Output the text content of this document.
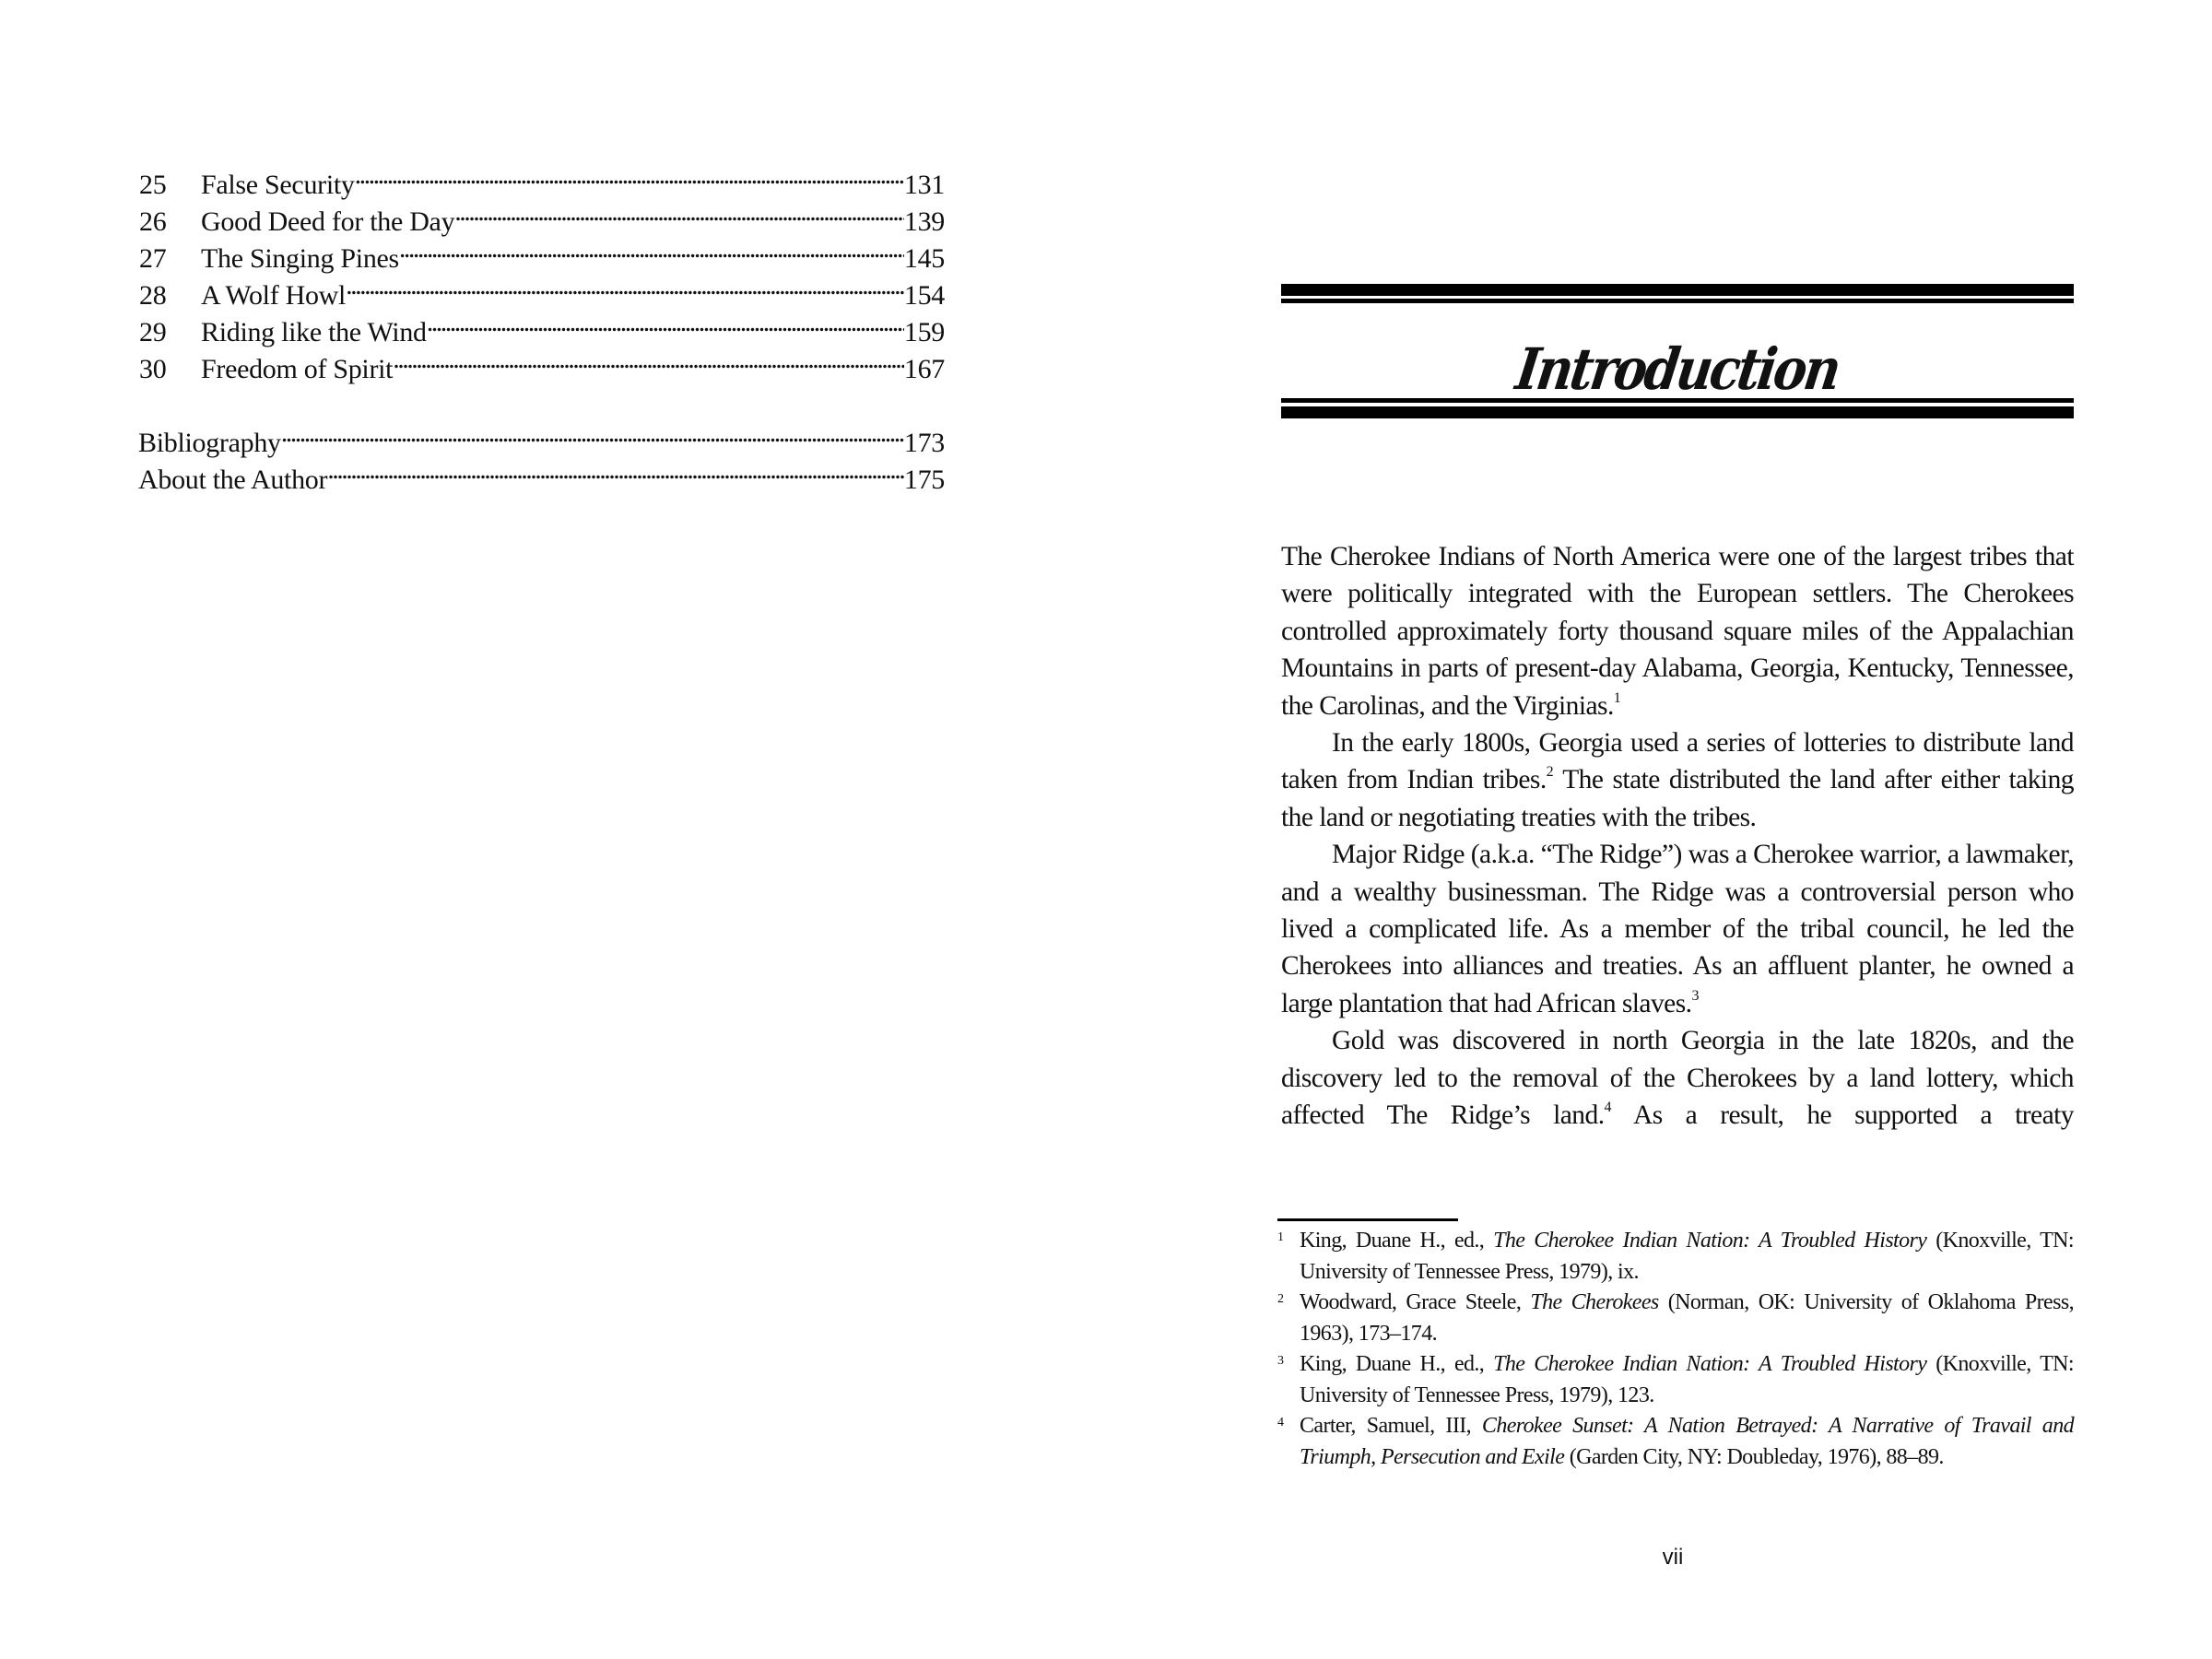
25	False Security . . .	131
26	Good Deed for the Day . . .	139
27	The Singing Pines . . .	145
28	A Wolf Howl . . .	154
29	Riding like the Wind . . .	159
30	Freedom of Spirit . . .	167
Bibliography . . .	173
About the Author . . .	175
Introduction

The Cherokee Indians of North America were one of the largest tribes that were politically integrated with the European settlers. The Cherokees controlled approximately forty thousand square miles of the Appalachian Mountains in parts of present-day Alabama, Georgia, Kentucky, Tennessee, the Carolinas, and the Virginias.$^1$

In the early 1800s, Georgia used a series of lotteries to distribute land taken from Indian tribes.$^2$ The state distributed the land after either taking the land or negotiating treaties with the tribes.

Major Ridge (a.k.a. “The Ridge”) was a Cherokee warrior, a lawmaker, and a wealthy businessman. The Ridge was a controversial person who lived a complicated life. As a member of the tribal council, he led the Cherokees into alliances and treaties. As an affluent planter, he owned a large plantation that had African slaves.$^3$

Gold was discovered in north Georgia in the late 1820s, and the discovery led to the removal of the Cherokees by a land lottery, which affected The Ridge’s land.$^4$ As a result, he supported a treaty

1 King, Duane H., ed., The Cherokee Indian Nation: A Troubled History (Knoxville, TN: University of Tennessee Press, 1979), ix.
2 Woodward, Grace Steele, The Cherokees (Norman, OK: University of Oklahoma Press, 1963), 173–174.
3 King, Duane H., ed., The Cherokee Indian Nation: A Troubled History (Knoxville, TN: University of Tennessee Press, 1979), 123.
4 Carter, Samuel, III, Cherokee Sunset: A Nation Betrayed: A Narrative of Travail and Triumph, Persecution and Exile (Garden City, NY: Doubleday, 1976), 88–89.
vii
